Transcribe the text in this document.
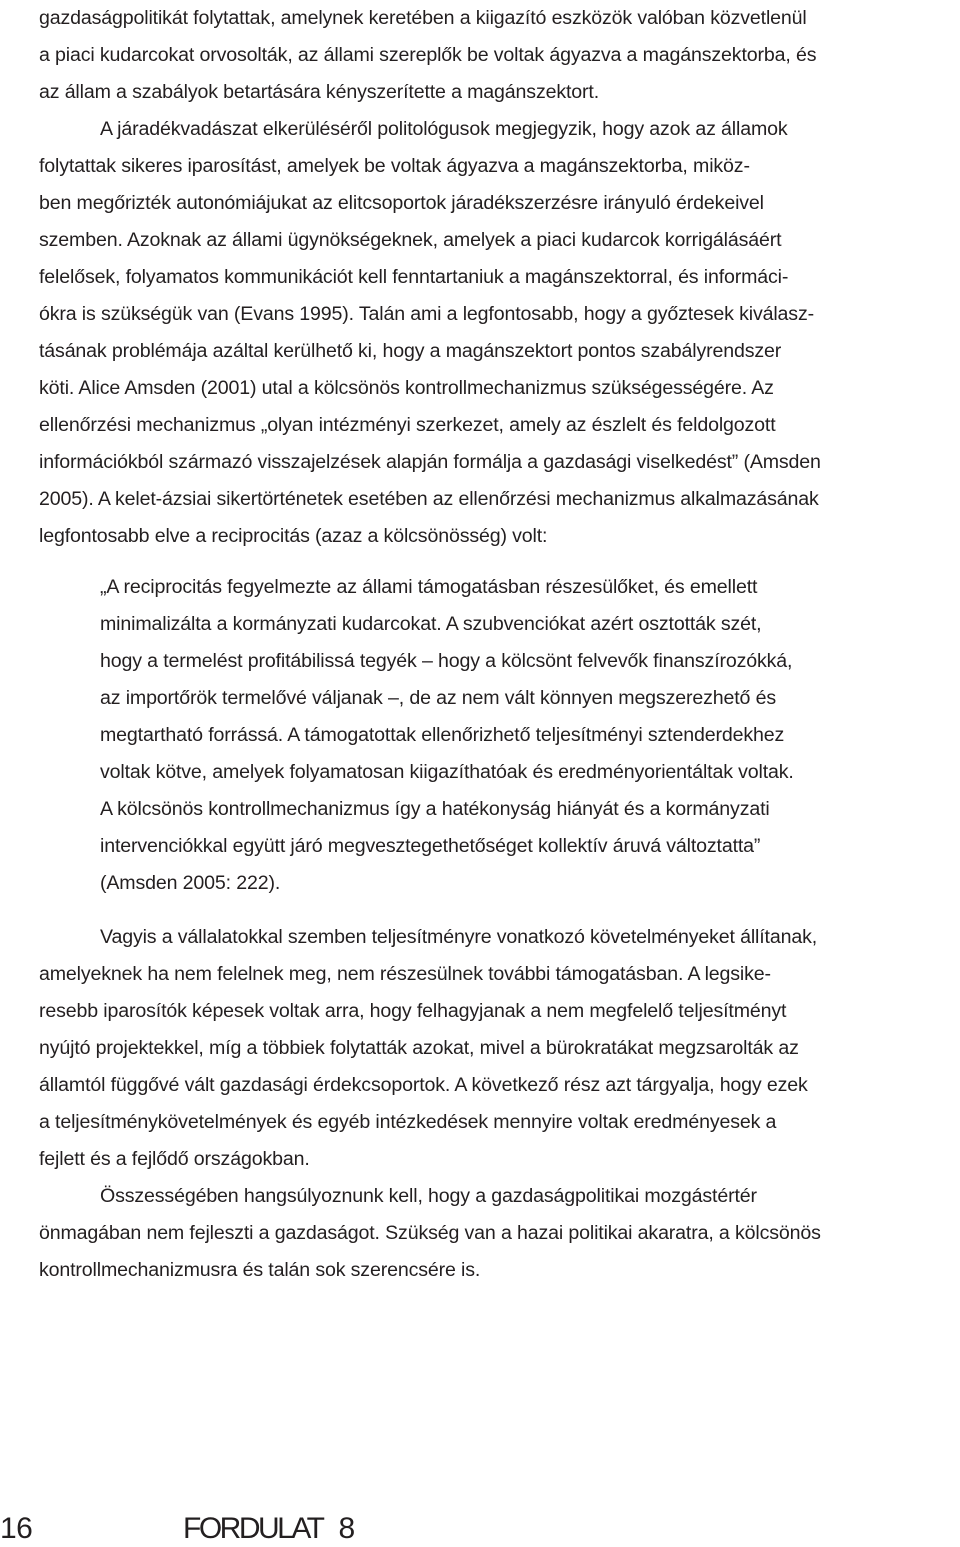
gazdaságpolitikát folytattak, amelynek keretében a kiigazító eszközök valóban közvetlenül
a piaci kudarcokat orvosolták, az állami szereplők be voltak ágyazva a magánszektorba, és
az állam a szabályok betartására kényszerítette a magánszektort.
A járadékvadászat elkerüléséről politológusok megjegyzik, hogy azok az államok
folytattak sikeres iparosítást, amelyek be voltak ágyazva a magánszektorba, miköz-
ben megőrizték autonómiájukat az elitcsoportok járadékszerzésre irányuló érdekeivel
szemben. Azoknak az állami ügynökségeknek, amelyek a piaci kudarcok korrigálásáért
felelősek, folyamatos kommunikációt kell fenntartaniuk a magánszektorral, és informáci-
ókra is szükségük van (Evans 1995). Talán ami a legfontosabb, hogy a győztesek kiválasz-
tásának problémája azáltal kerülhető ki, hogy a magánszektort pontos szabályrendszer
köti. Alice Amsden (2001) utal a kölcsönös kontrollmechanizmus szükségességére. Az
ellenőrzési mechanizmus „olyan intézményi szerkezet, amely az észlelt és feldolgozott
információkból származó visszajelzések alapján formálja a gazdasági viselkedést” (Amsden
2005). A kelet-ázsiai sikertörténetek esetében az ellenőrzési mechanizmus alkalmazásának
legfontosabb elve a reciprocitás (azaz a kölcsönösség) volt:
„A reciprocitás fegyelmezte az állami támogatásban részesülőket, és emellett
minimalizálta a kormányzati kudarcokat. A szubvenciókat azért osztották szét,
hogy a termelést profitábilissá tegyék – hogy a kölcsönt felvevők finanszírozókká,
az importőrök termelővé váljanak –, de az nem vált könnyen megszerezhető és
megtartható forrássá. A támogatottak ellenőrizhető teljesítményi sztenderdekhez
voltak kötve, amelyek folyamatosan kiigazíthatóak és eredményorientáltak voltak.
A kölcsönös kontrollmechanizmus így a hatékonyság hiányát és a kormányzati
intervenciókkal együtt járó megvesztegethetőséget kollektív áruvá változtatta”
(Amsden 2005: 222).
Vagyis a vállalatokkal szemben teljesítményre vonatkozó követelményeket állítanak,
amelyeknek ha nem felelnek meg, nem részesülnek további támogatásban. A legsike-
resebb iparosítók képesek voltak arra, hogy felhagyjanak a nem megfelelő teljesítményt
nyújtó projektekkel, míg a többiek folytatták azokat, mivel a bürokratákat megzsarolták az
államtól függővé vált gazdasági érdekcsoportok. A következő rész azt tárgyalja, hogy ezek
a teljesítménykövetelmények és egyéb intézkedések mennyire voltak eredményesek a
fejlett és a fejlődő országokban.
Összességében hangsúlyoznunk kell, hogy a gazdaságpolitikai mozgástértér
önmagában nem fejleszti a gazdaságot. Szükség van a hazai politikai akaratra, a kölcsönös
kontrollmechanizmusra és talán sok szerencsére is.
16	FORDULAT 8
